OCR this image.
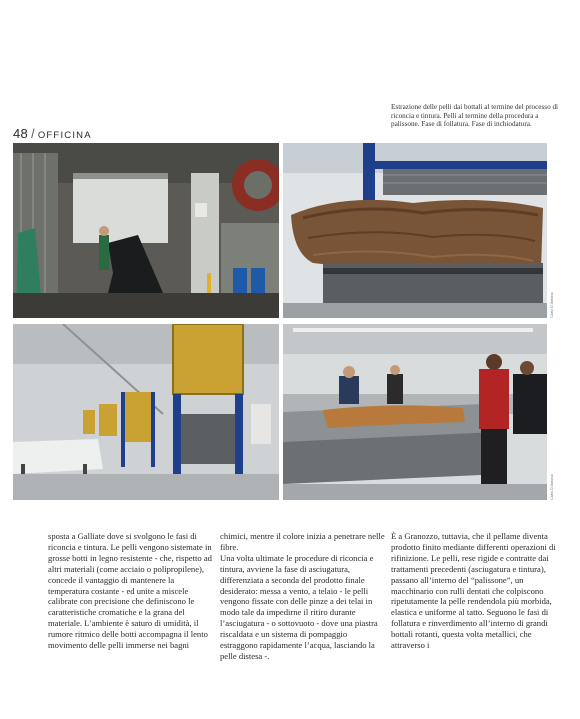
48 / OFFICINA
Estrazione delle pelli dai bottali al termine del processo di riconcia e tintura. Pelli al termine della procedura a palissone. Fase di follatura. Fase di inchiodatura.
Carlo D'Antona
Carlo D'Antona

sposta a Galliate dove si svolgono le fasi di riconcia e tintura. Le pelli vengono sistemate in grosse botti in legno resistente - che, rispetto ad altri materiali (come acciaio o polipropilene), concede il vantaggio di mantenere la temperatura costante - ed unite a miscele calibrate con precisione che definiscono le caratteristiche cromatiche e la grana del materiale. L’ambiente è saturo di umidità, il rumore ritmico delle botti accompagna il lento movimento delle pelli immerse nei bagni

chimici, mentre il colore inizia a penetrare nelle fibre.

Una volta ultimate le procedure di riconcia e tintura, avviene la fase di asciugatura, differenziata a seconda del prodotto finale desiderato: messa a vento, a telaio - le pelli vengono fissate con delle pinze a dei telai in modo tale da impedirne il ritiro durante l’asciugatura - o sottovuoto - dove una piastra riscaldata e un sistema di pompaggio estraggono rapidamente l’acqua, lasciando la pelle distesa -.

È a Granozzo, tuttavia, che il pellame diventa prodotto finito mediante differenti operazioni di rifinizione. Le pelli, rese rigide e contratte dai trattamenti precedenti (asciugatura e tintura), passano all’interno del “palissone”, un macchinario con rulli dentati che colpiscono ripetutamente la pelle rendendola più morbida, elastica e uniforme al tatto. Seguono le fasi di follatura e rinverdimento all’interno di grandi bottali rotanti, questa volta metallici, che attraverso i
